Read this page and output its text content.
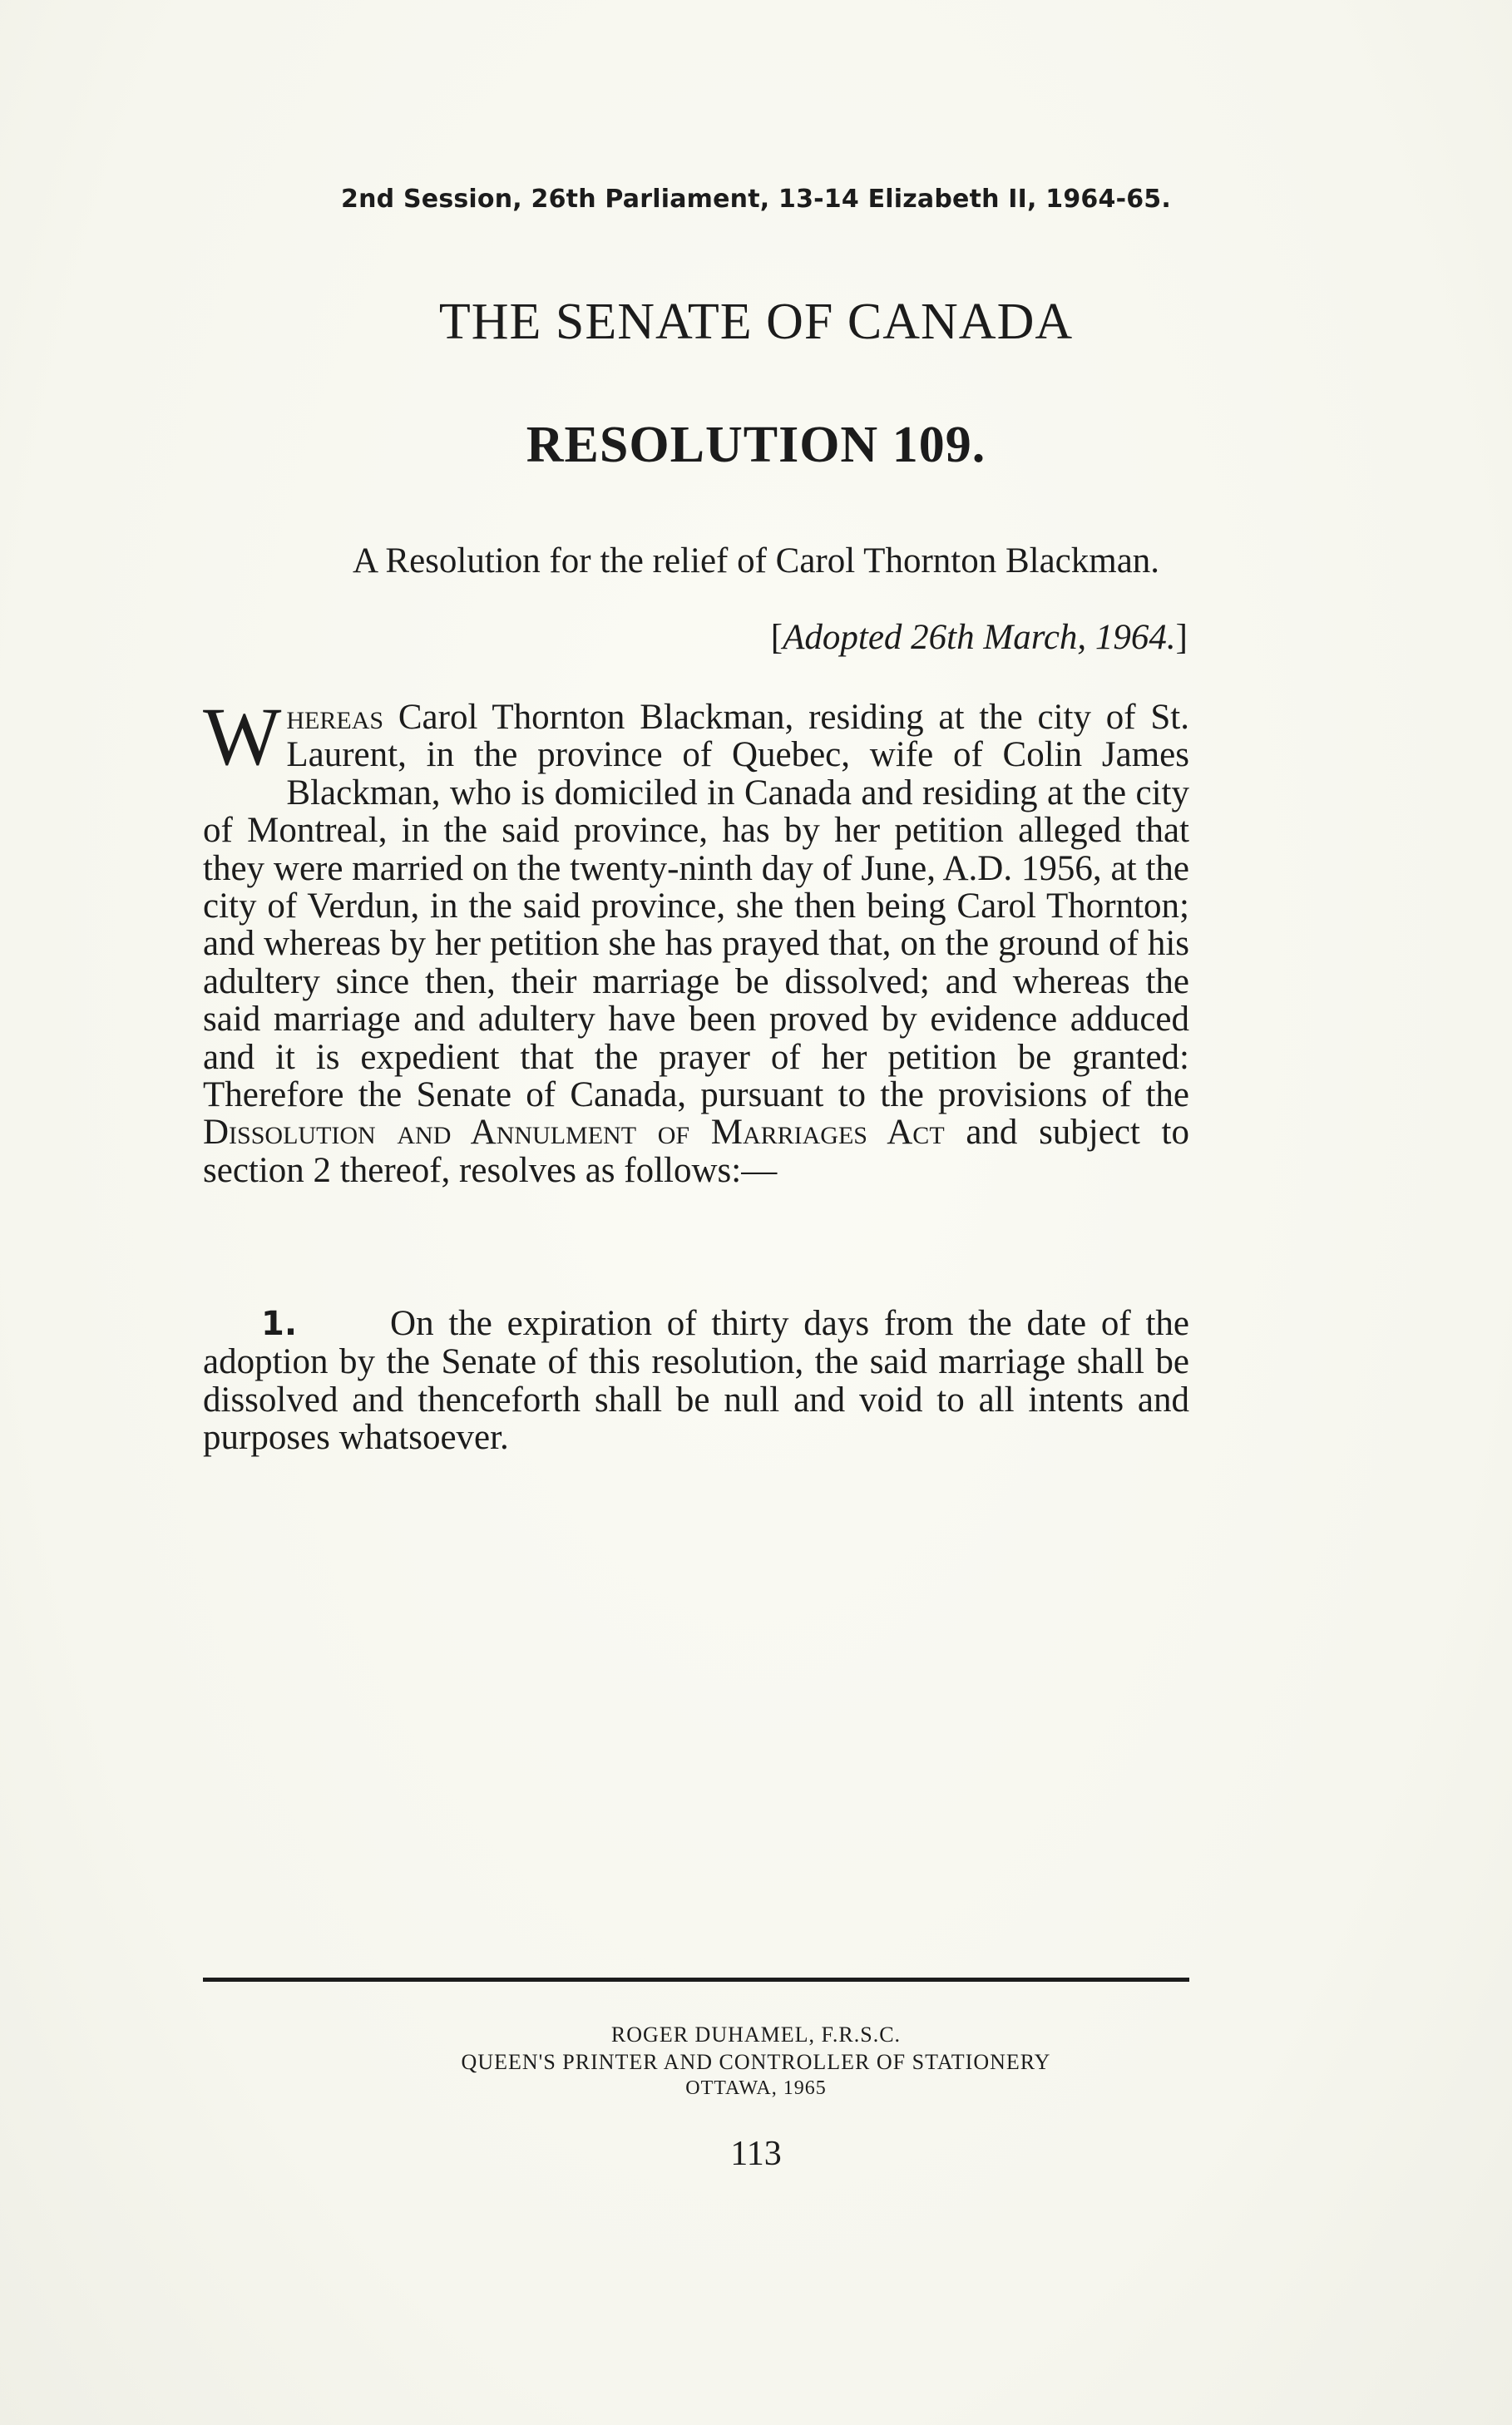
2nd Session, 26th Parliament, 13-14 Elizabeth II, 1964-65.
THE SENATE OF CANADA
RESOLUTION 109.
A Resolution for the relief of Carol Thornton Blackman.
[Adopted 26th March, 1964.]
Whereas Carol Thornton Blackman, residing at the city of St. Laurent, in the province of Quebec, wife of Colin James Blackman, who is domiciled in Canada and residing at the city of Montreal, in the said province, has by her petition alleged that they were married on the twenty-ninth day of June, A.D. 1956, at the city of Verdun, in the said province, she then being Carol Thornton; and whereas by her petition she has prayed that, on the ground of his adultery since then, their marriage be dissolved; and whereas the said marriage and adultery have been proved by evidence adduced and it is expedient that the prayer of her petition be granted: Therefore the Senate of Canada, pursuant to the provisions of the Dissolution and Annulment of Marriages Act and subject to section 2 thereof, resolves as follows:—
1.	On the expiration of thirty days from the date of the adoption by the Senate of this resolution, the said marriage shall be dissolved and thenceforth shall be null and void to all intents and purposes whatsoever.
ROGER DUHAMEL, F.R.S.C.
QUEEN'S PRINTER AND CONTROLLER OF STATIONERY
OTTAWA, 1965
113
